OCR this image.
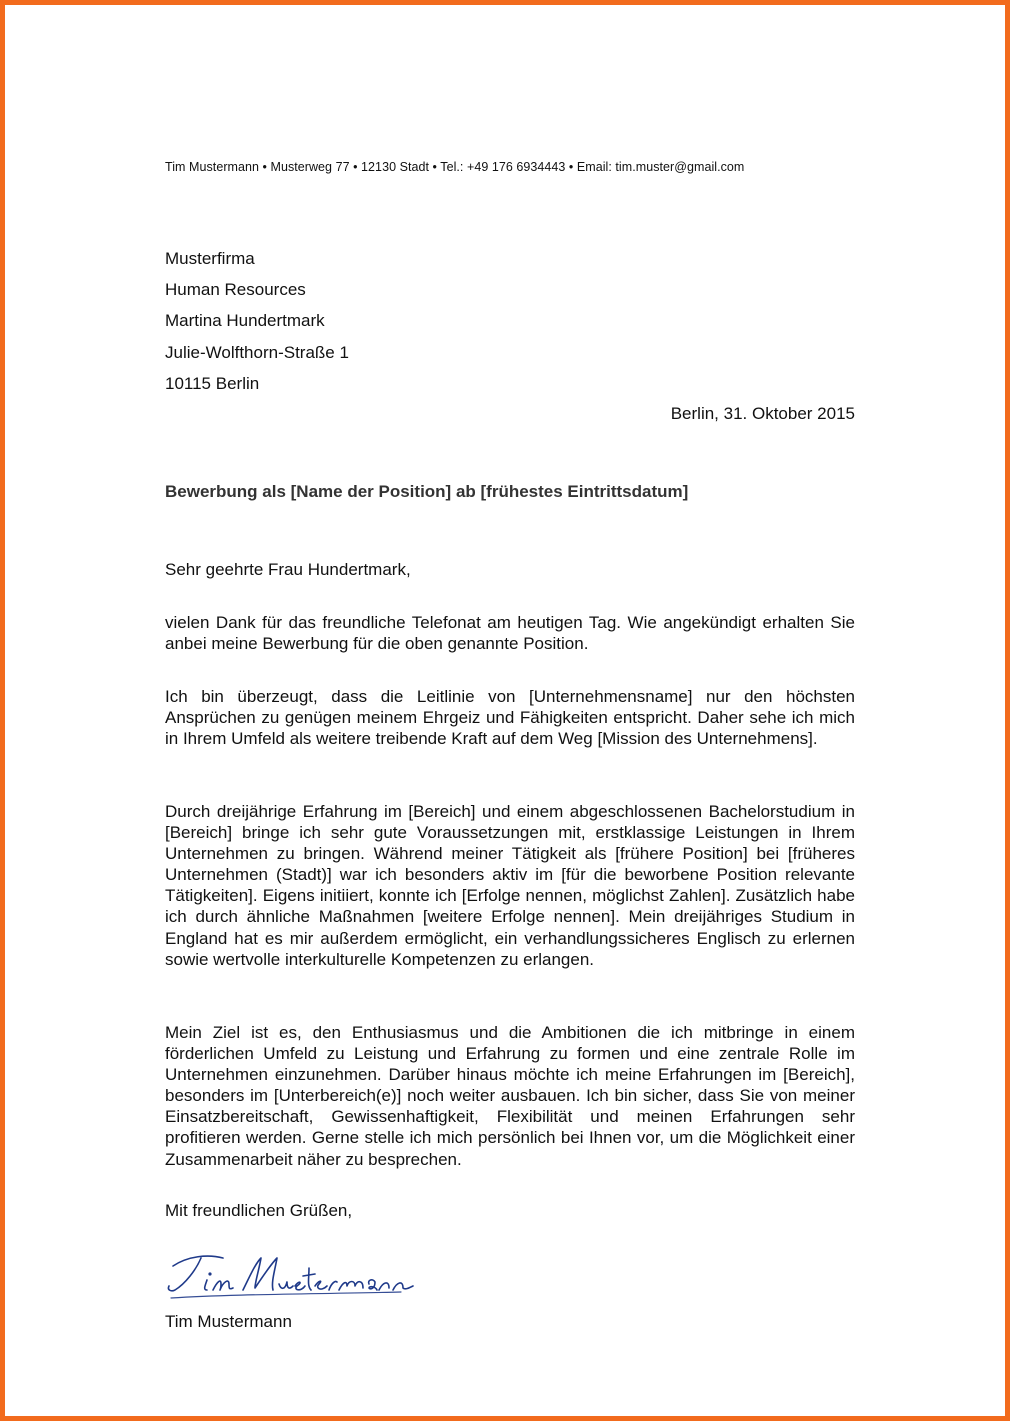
Tim Mustermann • Musterweg 77 • 12130 Stadt • Tel.: +49 176 6934443 • Email: tim.muster@gmail.com
Musterfirma
Human Resources
Martina Hundertmark
Julie-Wolfthorn-Straße 1
10115 Berlin
Berlin, 31. Oktober 2015
Bewerbung als [Name der Position] ab [frühestes Eintrittsdatum]
Sehr geehrte Frau Hundertmark,

vielen Dank für das freundliche Telefonat am heutigen Tag. Wie angekündigt erhalten Sie anbei meine Bewerbung für die oben genannte Position.

Ich bin überzeugt, dass die Leitlinie von [Unternehmensname] nur den höchsten Ansprüchen zu genügen meinem Ehrgeiz und Fähigkeiten entspricht. Daher sehe ich mich in Ihrem Umfeld als weitere treibende Kraft auf dem Weg [Mission des Unternehmens].

Durch dreijährige Erfahrung im [Bereich] und einem abgeschlossenen Bachelorstudium in [Bereich] bringe ich sehr gute Voraussetzungen mit, erstklassige Leistungen in Ihrem Unternehmen zu bringen. Während meiner Tätigkeit als [frühere Position] bei [früheres Unternehmen (Stadt)] war ich besonders aktiv im [für die beworbene Position relevante Tätigkeiten]. Eigens initiiert, konnte ich [Erfolge nennen, möglichst Zahlen]. Zusätzlich habe ich durch ähnliche Maßnahmen [weitere Erfolge nennen]. Mein dreijähriges Studium in England hat es mir außerdem ermöglicht, ein verhandlungssicheres Englisch zu erlernen sowie wertvolle interkulturelle Kompetenzen zu erlangen.

Mein Ziel ist es, den Enthusiasmus und die Ambitionen die ich mitbringe in einem förderlichen Umfeld zu Leistung und Erfahrung zu formen und eine zentrale Rolle im Unternehmen einzunehmen. Darüber hinaus möchte ich meine Erfahrungen im [Bereich], besonders im [Unterbereich(e)] noch weiter ausbauen. Ich bin sicher, dass Sie von meiner Einsatzbereitschaft, Gewissenhaftigkeit, Flexibilität und meinen Erfahrungen sehr profitieren werden. Gerne stelle ich mich persönlich bei Ihnen vor, um die Möglichkeit einer Zusammenarbeit näher zu besprechen.

Mit freundlichen Grüßen,
Tim Mustermann
